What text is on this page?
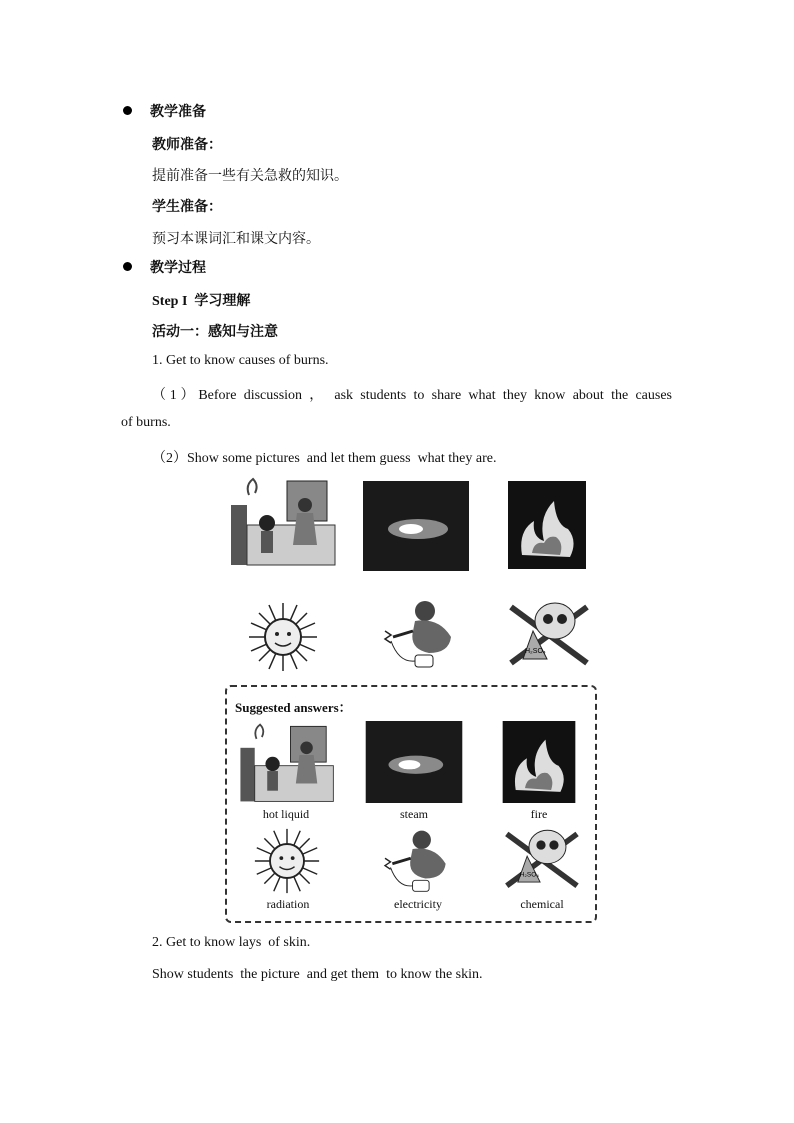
教学准备
教师准备：
提前准备一些有关急救的知识。
学生准备：
预习本课词汇和课文内容。
教学过程
Step I  学习理解
活动一：感知与注意
1. Get to know causes of burns.
（1）Before discussion ， ask students to share what they know about the causes
of burns.
（2）Show some pictures  and let them guess  what they are.
H₂SO₄
Suggested answers：
hot liquid	steam	fire
H₂SO₄
radiation	electricity	chemical
2. Get to know lays  of skin.
Show students  the picture  and get them  to know the skin.
